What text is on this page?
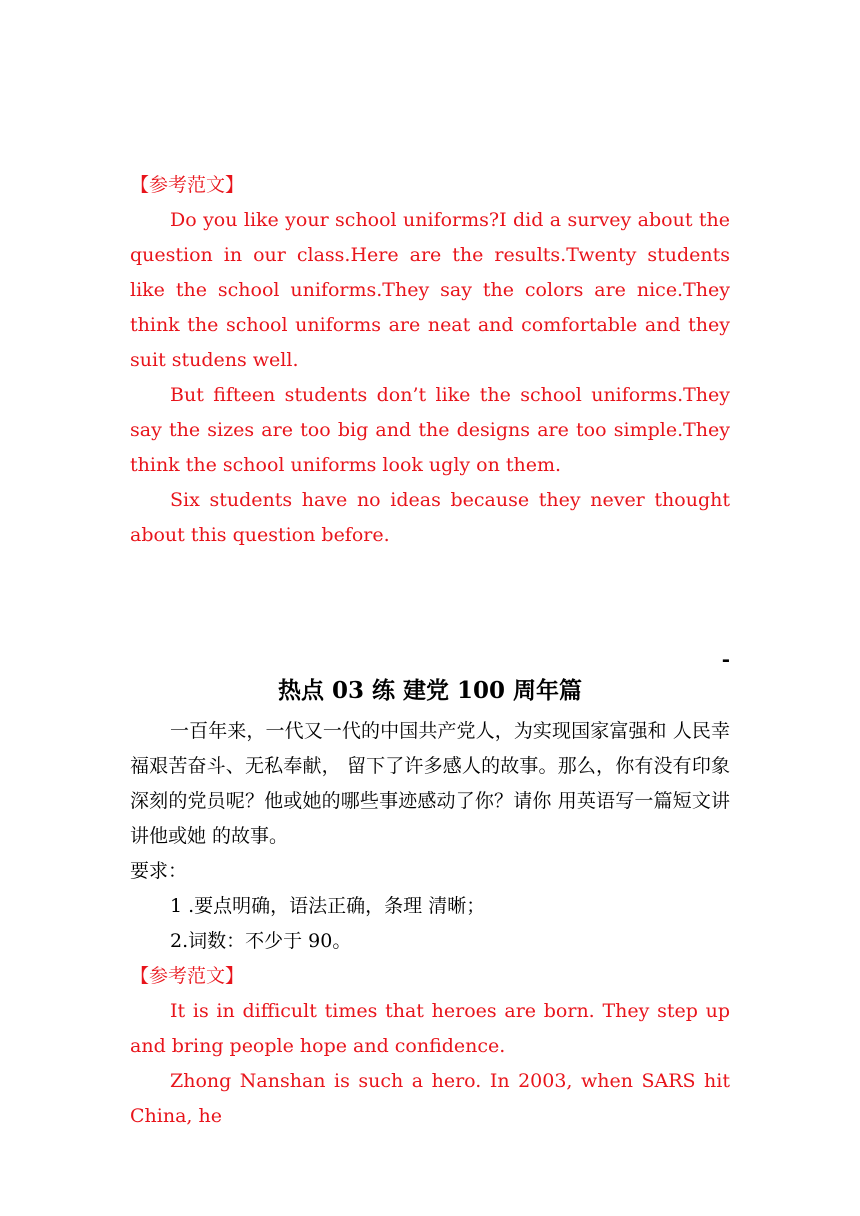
【参考范文】

Do you like your school uniforms?I did a survey about the question in our class.Here are the results.Twenty students like the school uniforms.They say the colors are nice.They think the school uniforms are neat and comfortable and they suit studens well.

But fifteen students don’t like the school uniforms.They say the sizes are too big and the designs are too simple.They think the school uniforms look ugly on them.

Six students have no ideas because they never thought about this question before.

-
热点 03 练 建党 100 周年篇

一百年来，一代又一代的中国共产党人，为实现国家富强和 人民幸福艰苦奋斗、无私奉献， 留下了许多感人的故事。那么，你有没有印象深刻的党员呢？他或她的哪些事迹感动了你？请你 用英语写一篇短文讲讲他或她 的故事。

要求：

1 .要点明确，语法正确，条理 清晰；

2.词数：不少于 90。

【参考范文】

It is in difficult times that heroes are born. They step up and bring people hope and confidence.

Zhong Nanshan is such a hero. In 2003, when SARS hit China, he
